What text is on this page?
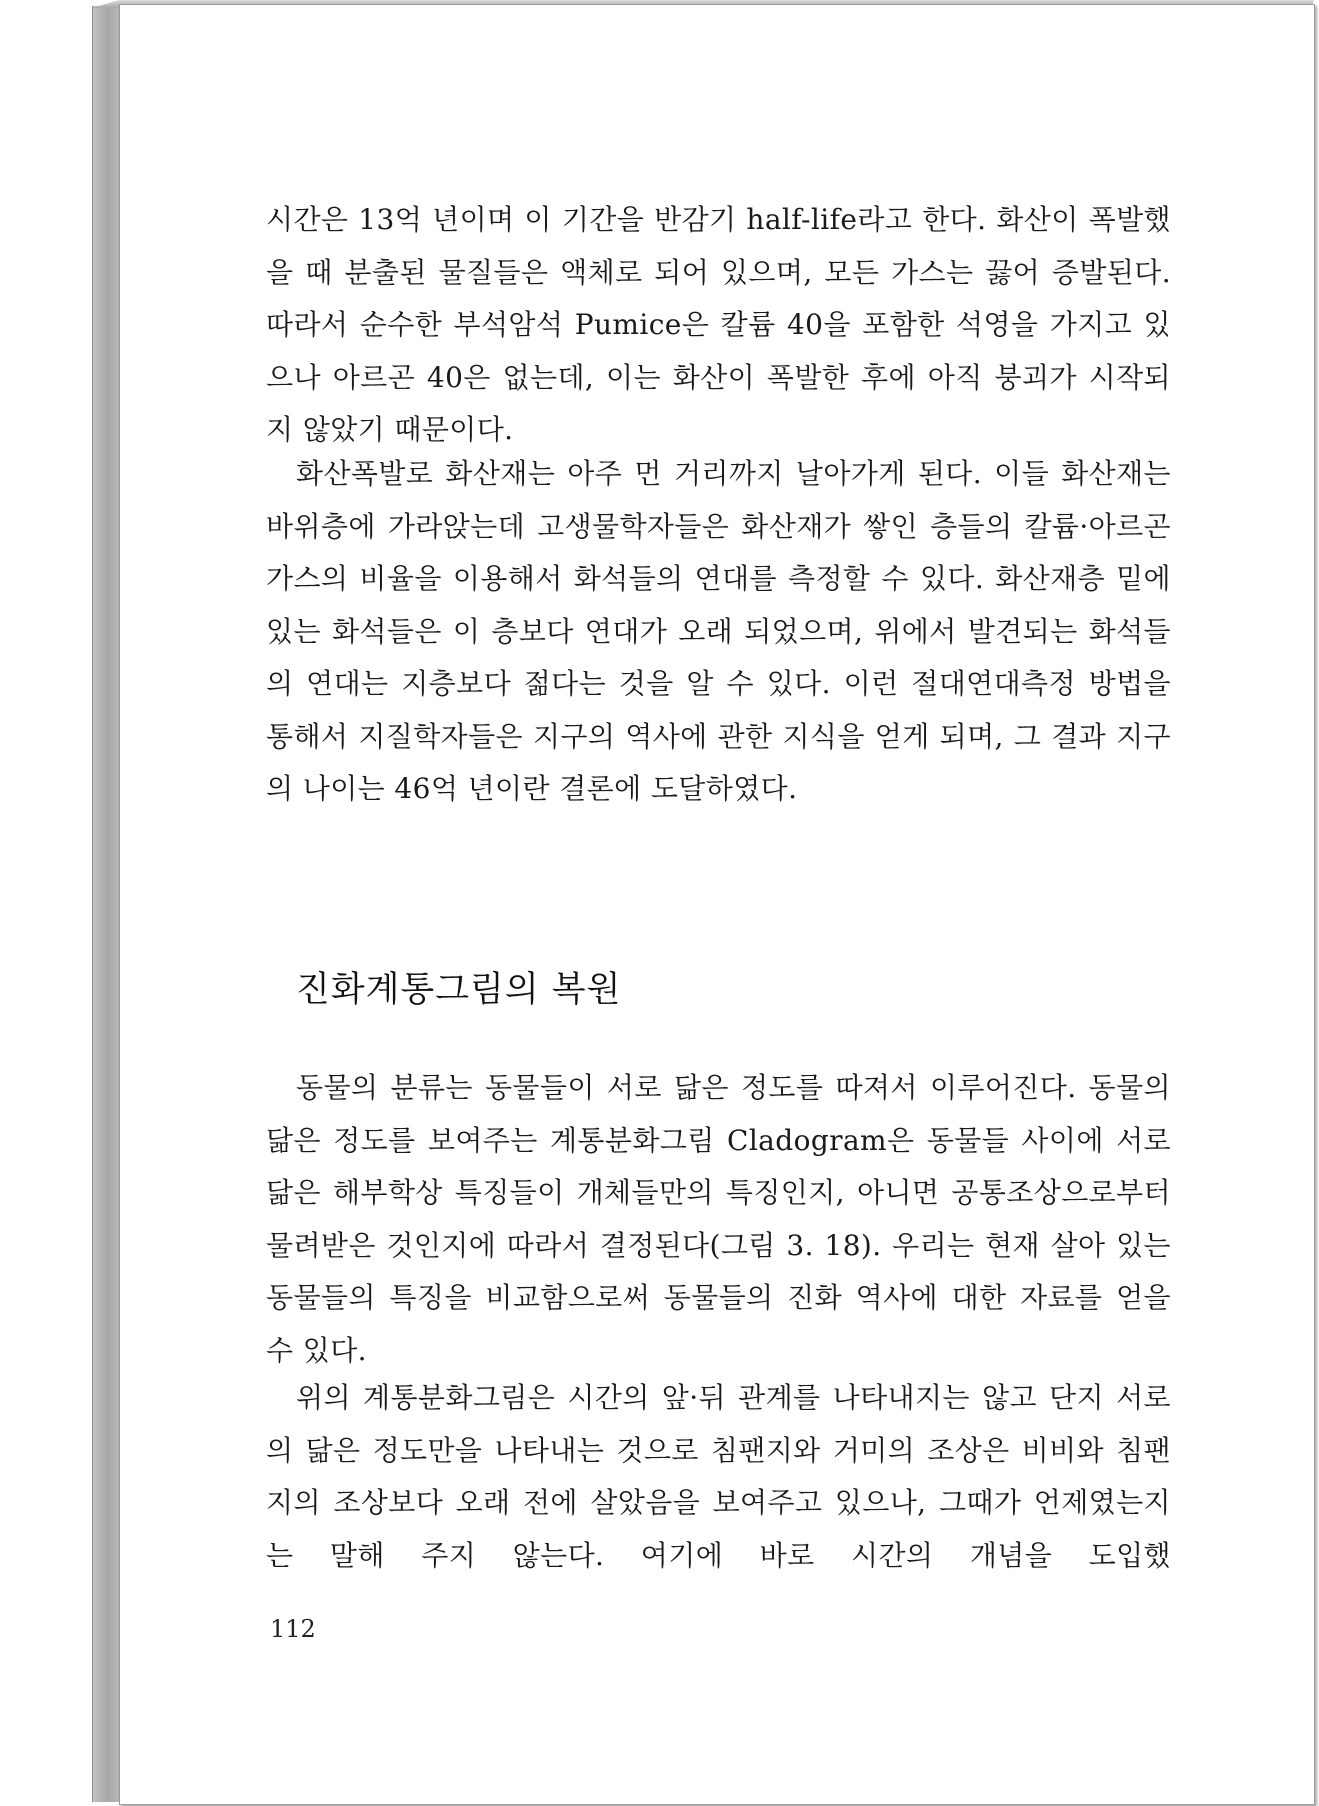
시간은 13억 년이며 이 기간을 반감기 half-life라고 한다. 화산이 폭발했을 때 분출된 물질들은 액체로 되어 있으며, 모든 가스는 끓어 증발된다. 따라서 순수한 부석암석 Pumice은 칼륨 40을 포함한 석영을 가지고 있으나 아르곤 40은 없는데, 이는 화산이 폭발한 후에 아직 붕괴가 시작되지 않았기 때문이다.

화산폭발로 화산재는 아주 먼 거리까지 날아가게 된다. 이들 화산재는 바위층에 가라앉는데 고생물학자들은 화산재가 쌓인 층들의 칼륨·아르곤 가스의 비율을 이용해서 화석들의 연대를 측정할 수 있다. 화산재층 밑에 있는 화석들은 이 층보다 연대가 오래 되었으며, 위에서 발견되는 화석들의 연대는 지층보다 젊다는 것을 알 수 있다. 이런 절대연대측정 방법을 통해서 지질학자들은 지구의 역사에 관한 지식을 얻게 되며, 그 결과 지구의 나이는 46억 년이란 결론에 도달하였다.

진화계통그림의 복원

동물의 분류는 동물들이 서로 닮은 정도를 따져서 이루어진다. 동물의 닮은 정도를 보여주는 계통분화그림 Cladogram은 동물들 사이에 서로 닮은 해부학상 특징들이 개체들만의 특징인지, 아니면 공통조상으로부터 물려받은 것인지에 따라서 결정된다(그림 3. 18). 우리는 현재 살아 있는 동물들의 특징을 비교함으로써 동물들의 진화 역사에 대한 자료를 얻을 수 있다.

위의 계통분화그림은 시간의 앞·뒤 관계를 나타내지는 않고 단지 서로의 닮은 정도만을 나타내는 것으로 침팬지와 거미의 조상은 비비와 침팬지의 조상보다 오래 전에 살았음을 보여주고 있으나, 그때가 언제였는지는 말해 주지 않는다. 여기에 바로 시간의 개념을 도입했

112
